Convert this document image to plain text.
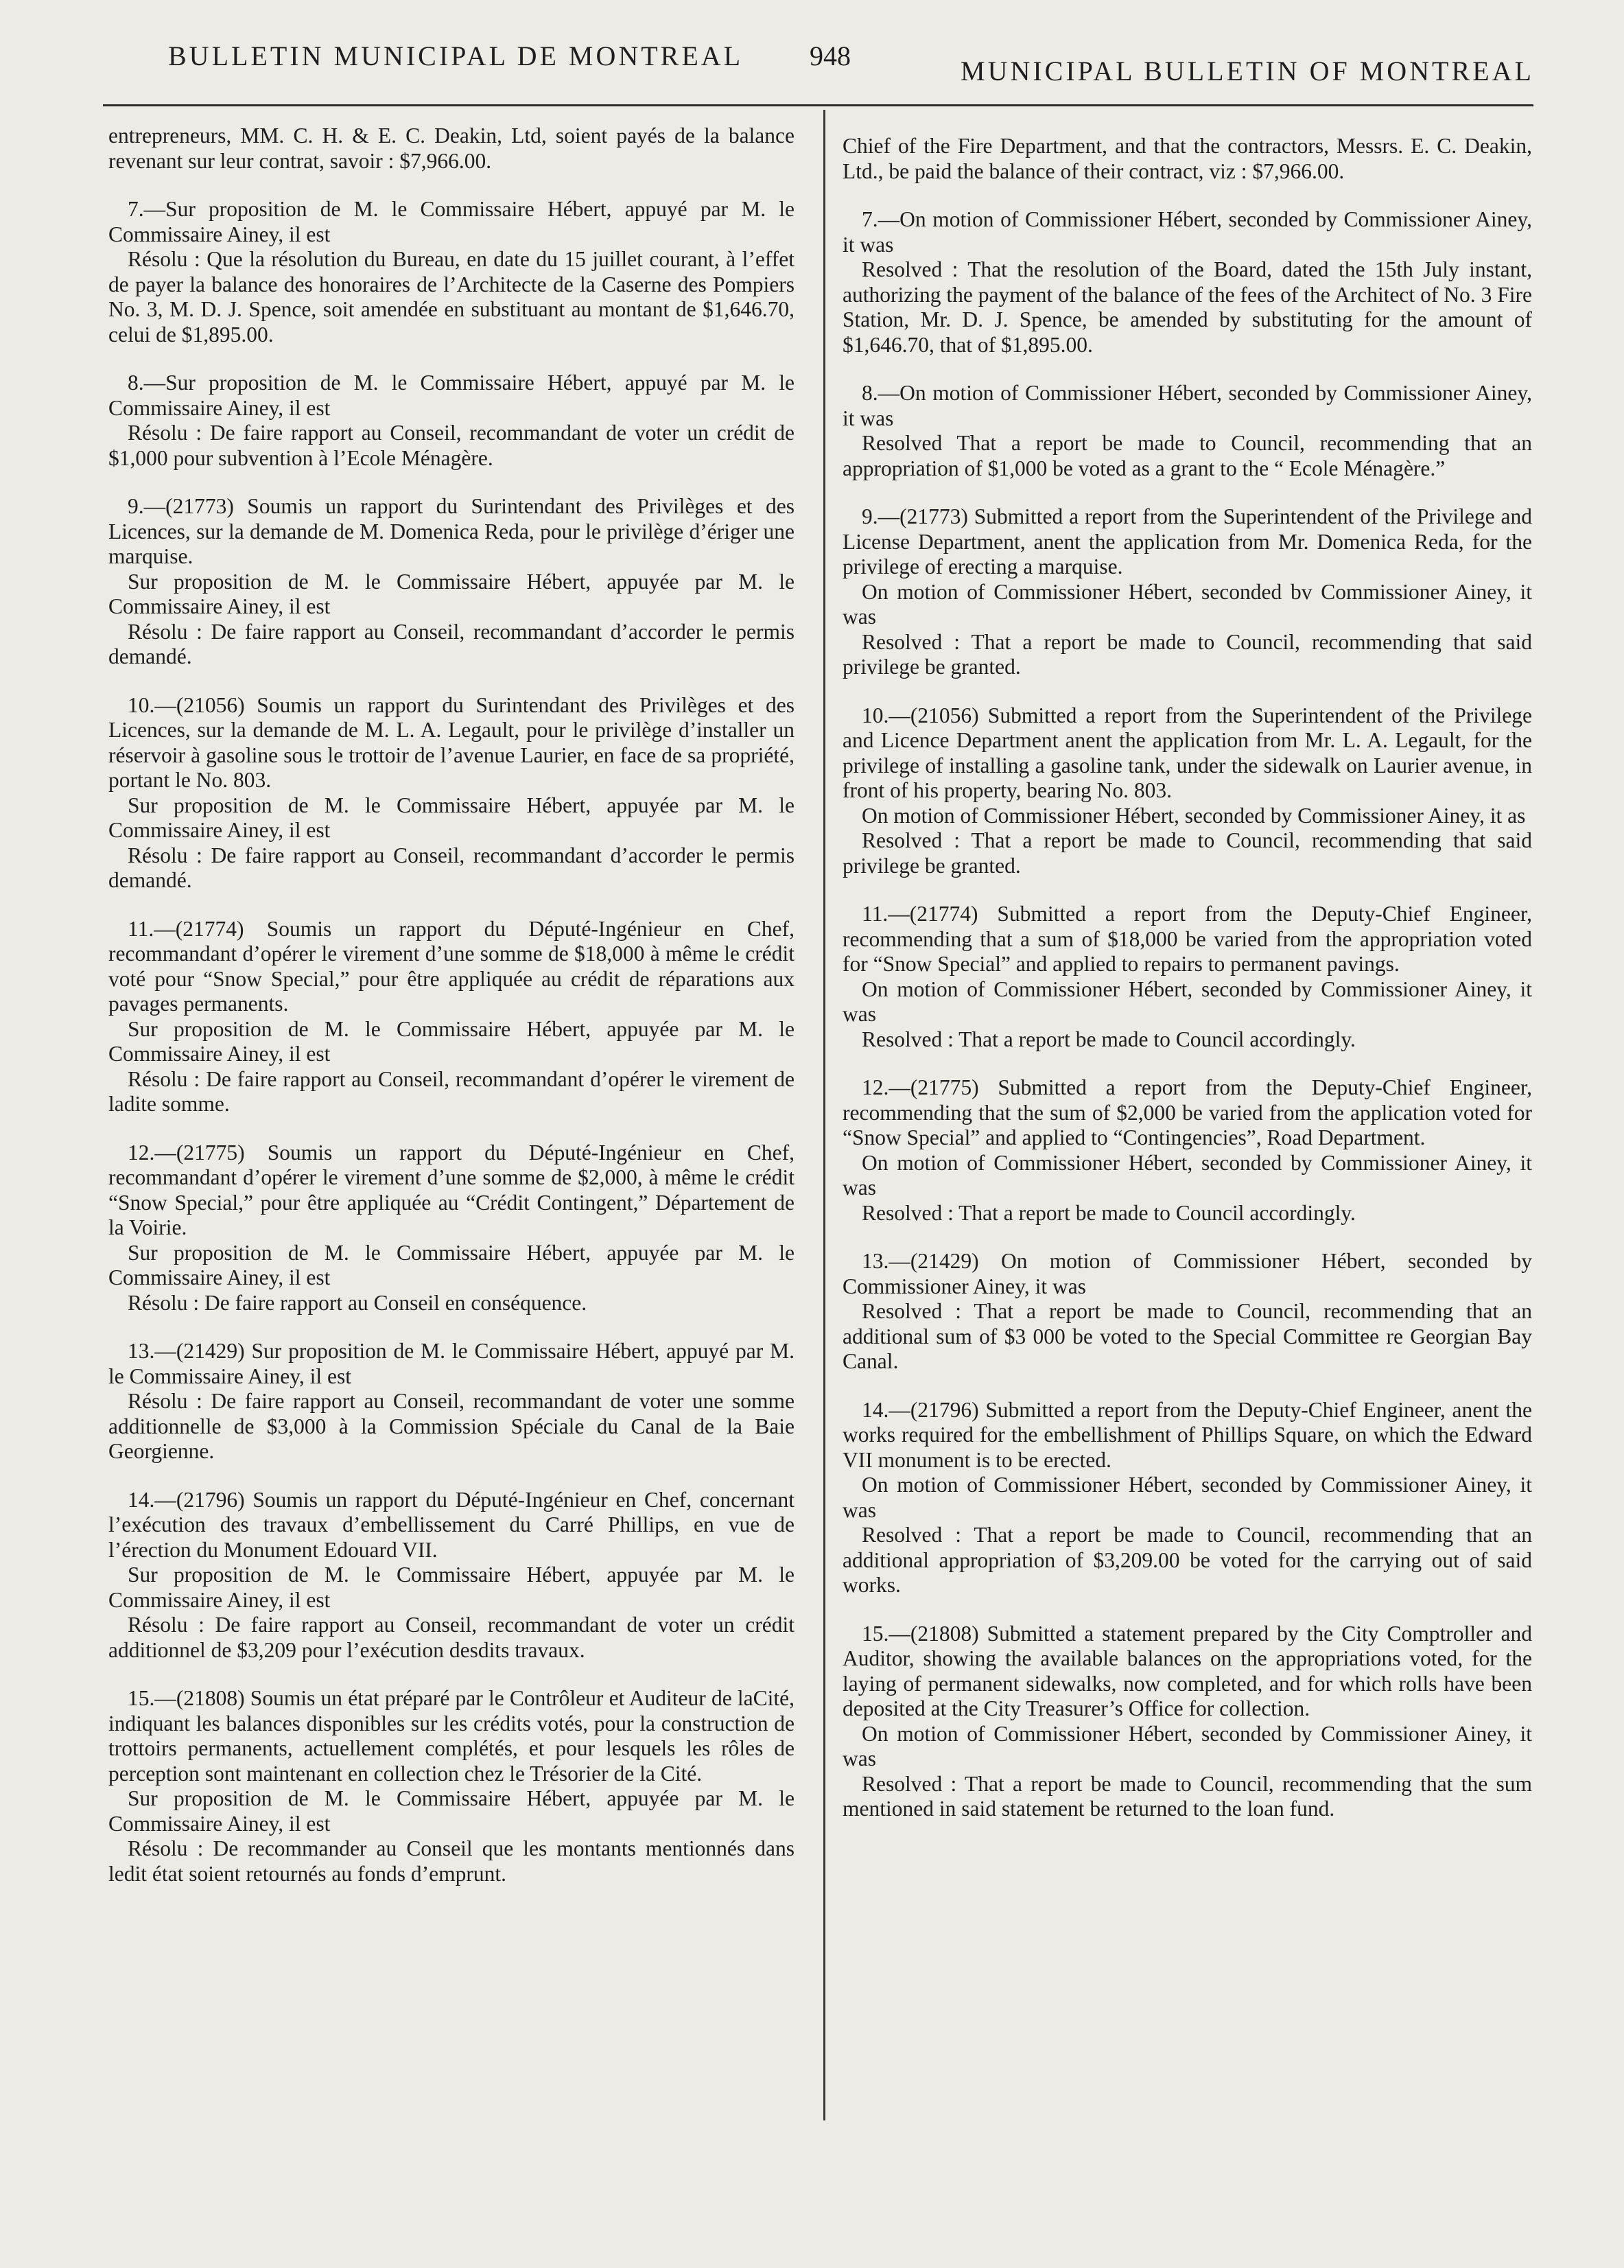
BULLETIN MUNICIPAL DE MONTREAL 948	MUNICIPAL BULLETIN OF MONTREAL

entrepreneurs, MM. C. H. & E. C. Deakin, Ltd, soient payés de la balance revenant sur leur contrat, savoir : $7,966.00.

7.—Sur proposition de M. le Commissaire Hébert, appuyé par M. le Commissaire Ainey, il est

Résolu : Que la résolution du Bureau, en date du 15 juillet courant, à l’effet de payer la balance des honoraires de l’Architecte de la Caserne des Pompiers No. 3, M. D. J. Spence, soit amendée en substituant au montant de $1,646.70, celui de $1,895.00.

8.—Sur proposition de M. le Commissaire Hébert, appuyé par M. le Commissaire Ainey, il est

Résolu : De faire rapport au Conseil, recommandant de voter un crédit de $1,000 pour subvention à l’Ecole Ménagère.

9.—(21773) Soumis un rapport du Surintendant des Privilèges et des Licences, sur la demande de M. Domenica Reda, pour le privilège d’ériger une marquise.

Sur proposition de M. le Commissaire Hébert, appuyée par M. le Commissaire Ainey, il est

Résolu : De faire rapport au Conseil, recommandant d’accorder le permis demandé.

10.—(21056) Soumis un rapport du Surintendant des Privilèges et des Licences, sur la demande de M. L. A. Legault, pour le privilège d’installer un réservoir à gasoline sous le trottoir de l’avenue Laurier, en face de sa propriété, portant le No. 803.

Sur proposition de M. le Commissaire Hébert, appuyée par M. le Commissaire Ainey, il est

Résolu : De faire rapport au Conseil, recommandant d’accorder le permis demandé.

11.—(21774) Soumis un rapport du Député-Ingénieur en Chef, recommandant d’opérer le virement d’une somme de $18,000 à même le crédit voté pour “Snow Special,” pour être appliquée au crédit de réparations aux pavages permanents.

Sur proposition de M. le Commissaire Hébert, appuyée par M. le Commissaire Ainey, il est

Résolu : De faire rapport au Conseil, recommandant d’opérer le virement de ladite somme.

12.—(21775) Soumis un rapport du Député-Ingénieur en Chef, recommandant d’opérer le virement d’une somme de $2,000, à même le crédit “Snow Special,” pour être appliquée au “Crédit Contingent,” Département de la Voirie.

Sur proposition de M. le Commissaire Hébert, appuyée par M. le Commissaire Ainey, il est

Résolu : De faire rapport au Conseil en conséquence.

13.—(21429) Sur proposition de M. le Commissaire Hébert, appuyé par M. le Commissaire Ainey, il est

Résolu : De faire rapport au Conseil, recommandant de voter une somme additionnelle de $3,000 à la Commission Spéciale du Canal de la Baie Georgienne.

14.—(21796) Soumis un rapport du Député-Ingénieur en Chef, concernant l’exécution des travaux d’embellissement du Carré Phillips, en vue de l’érection du Monument Edouard VII.

Sur proposition de M. le Commissaire Hébert, appuyée par M. le Commissaire Ainey, il est

Résolu : De faire rapport au Conseil, recommandant de voter un crédit additionnel de $3,209 pour l’exécution desdits travaux.

15.—(21808) Soumis un état préparé par le Contrôleur et Auditeur de laCité, indiquant les balances disponibles sur les crédits votés, pour la construction de trottoirs permanents, actuellement complétés, et pour lesquels les rôles de perception sont maintenant en collection chez le Trésorier de la Cité.

Sur proposition de M. le Commissaire Hébert, appuyée par M. le Commissaire Ainey, il est

Résolu : De recommander au Conseil que les montants mentionnés dans ledit état soient retournés au fonds d’emprunt.

Chief of the Fire Department, and that the contractors, Messrs. E. C. Deakin, Ltd., be paid the balance of their contract, viz : $7,966.00.

7.—On motion of Commissioner Hébert, seconded by Commissioner Ainey, it was

Resolved : That the resolution of the Board, dated the 15th July instant, authorizing the payment of the balance of the fees of the Architect of No. 3 Fire Station, Mr. D. J. Spence, be amended by substituting for the amount of $1,646.70, that of $1,895.00.

8.—On motion of Commissioner Hébert, seconded by Commissioner Ainey, it was

Resolved That a report be made to Council, recommending that an appropriation of $1,000 be voted as a grant to the “ Ecole Ménagère.”

9.—(21773) Submitted a report from the Superintendent of the Privilege and License Department, anent the application from Mr. Domenica Reda, for the privilege of erecting a marquise.

On motion of Commissioner Hébert, seconded bv Commissioner Ainey, it was

Resolved : That a report be made to Council, recommending that said privilege be granted.

10.—(21056) Submitted a report from the Superintendent of the Privilege and Licence Department anent the application from Mr. L. A. Legault, for the privilege of installing a gasoline tank, under the sidewalk on Laurier avenue, in front of his property, bearing No. 803.

On motion of Commissioner Hébert, seconded by Commissioner Ainey, it as

Resolved : That a report be made to Council, recommending that said privilege be granted.

11.—(21774) Submitted a report from the Deputy-Chief Engineer, recommending that a sum of $18,000 be varied from the appropriation voted for “Snow Special” and applied to repairs to permanent pavings.

On motion of Commissioner Hébert, seconded by Commissioner Ainey, it was

Resolved : That a report be made to Council accordingly.

12.—(21775) Submitted a report from the Deputy-Chief Engineer, recommending that the sum of $2,000 be varied from the application voted for “Snow Special” and applied to “Contingencies”, Road Department.

On motion of Commissioner Hébert, seconded by Commissioner Ainey, it was

Resolved : That a report be made to Council accordingly.

13.—(21429) On motion of Commissioner Hébert, seconded by Commissioner Ainey, it was

Resolved : That a report be made to Council, recommending that an additional sum of $3 000 be voted to the Special Committee re Georgian Bay Canal.

14.—(21796) Submitted a report from the Deputy-Chief Engineer, anent the works required for the embellishment of Phillips Square, on which the Edward VII monument is to be erected.

On motion of Commissioner Hébert, seconded by Commissioner Ainey, it was

Resolved : That a report be made to Council, recommending that an additional appropriation of $3,209.00 be voted for the carrying out of said works.

15.—(21808) Submitted a statement prepared by the City Comptroller and Auditor, showing the available balances on the appropriations voted, for the laying of permanent sidewalks, now completed, and for which rolls have been deposited at the City Treasurer’s Office for collection.

On motion of Commissioner Hébert, seconded by Commissioner Ainey, it was

Resolved : That a report be made to Council, recommending that the sum mentioned in said statement be returned to the loan fund.
